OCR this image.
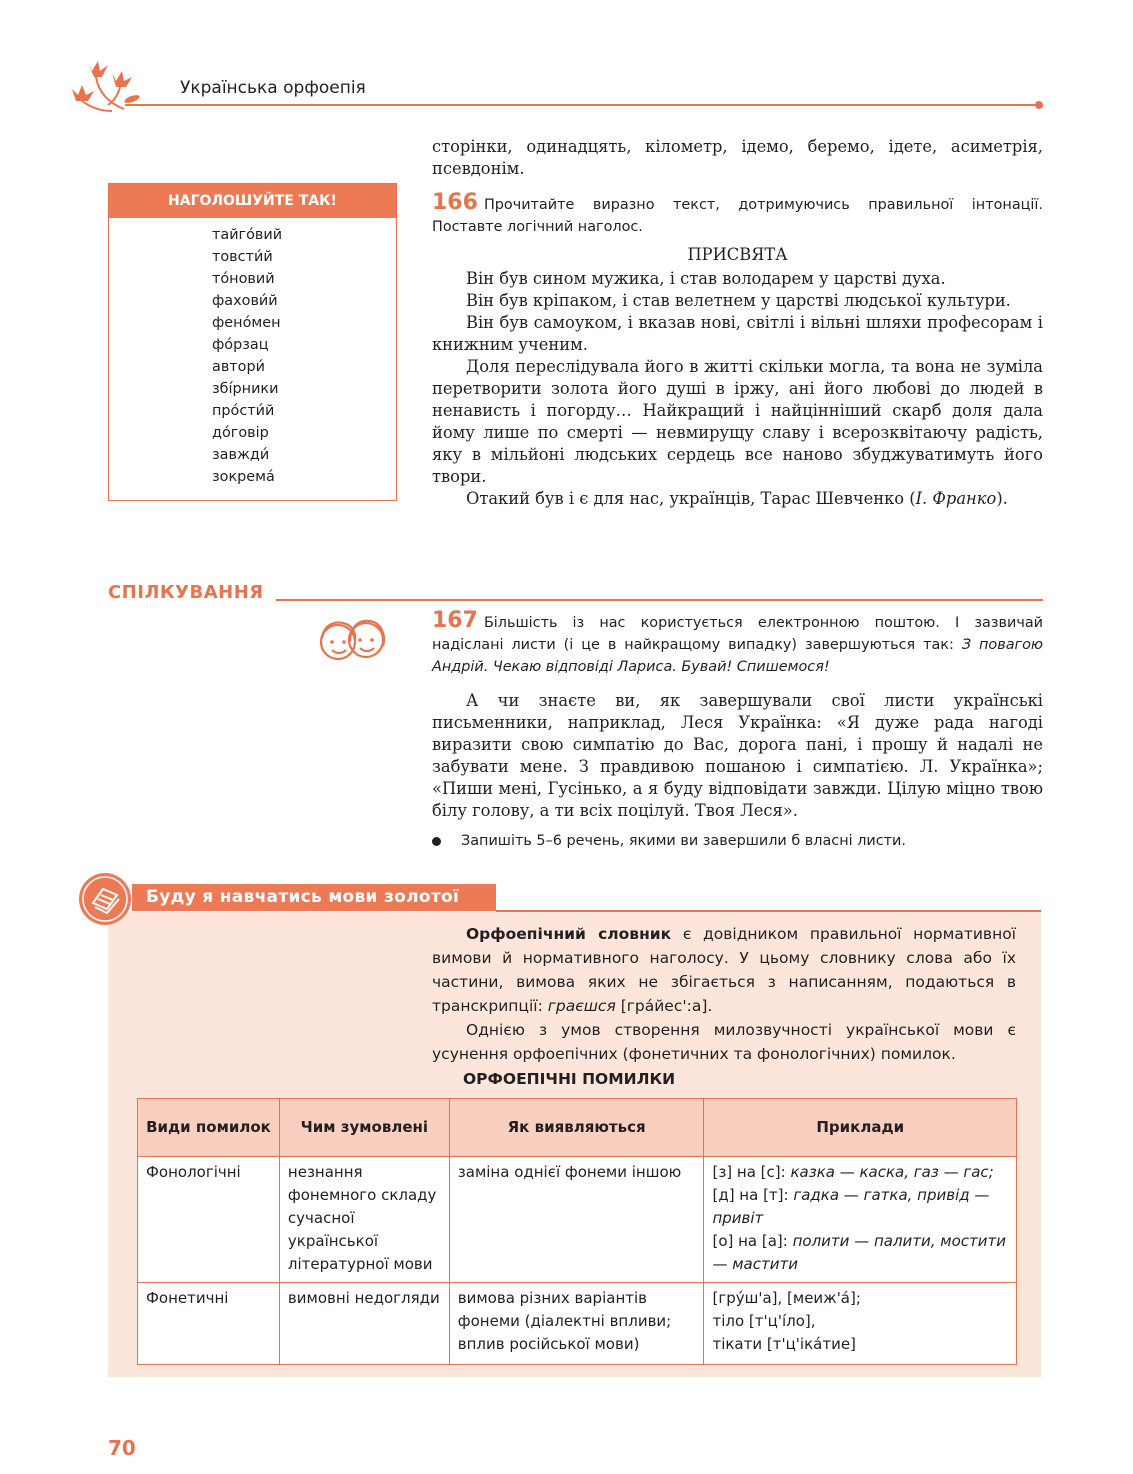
Українська орфоепія
сторінки, одинадцять, кілометр, ідемо, беремо, ідете, асиметрія, псевдонім.
НАГОЛОШУЙТЕ ТАК!
тайго́вий
товсти́й
то́новий
фахови́й
фено́мен
фо́рзац
автори́
збі́рники
про́сти́й
до́говір
завжди́
зокрема́
166 Прочитайте виразно текст, дотримуючись правильної інтонації. Поставте логічний наголос.
ПРИСВЯТА

Він був сином мужика, і став володарем у царстві духа.

Він був кріпаком, і став велетнем у царстві людської культури.

Він був самоуком, і вказав нові, світлі і вільні шляхи професорам і книжним ученим.

Доля переслідувала його в житті скільки могла, та вона не зуміла перетворити золота його душі в іржу, ані його любові до людей в ненависть і погорду… Найкращий і найцінніший скарб доля дала йому лише по смерті — невмирущу славу і всерозквітаючу радість, яку в мільйоні людських сердець все наново збуджуватимуть його твори.

Отакий був і є для нас, українців, Тарас Шевченко (І. Франко).

СПІЛКУВАННЯ
167 Більшість із нас користується електронною поштою. І зазвичай надіслані листи (і це в найкращому випадку) завершуються так: З повагою Андрій. Чекаю відповіді Лариса. Бувай! Спишемося!
А чи знаєте ви, як завершували свої листи українські письменники, наприклад, Леся Українка: «Я дуже рада нагоді виразити свою симпатію до Вас, дорога пані, і прошу й надалі не забувати мене. З правдивою пошаною і симпатією. Л. Українка»; «Пиши мені, Гусінько, а я буду відповідати завжди. Цілую міцно твою білу голову, а ти всіх поцілуй. Твоя Леся».
Запишіть 5–6 речень, якими ви завершили б власні листи.
Буду я навчатись мови золотої
Орфоепічний словник є довідником правильної нормативної вимови й нормативного наголосу. У цьому словнику слова або їх частини, вимова яких не збігається з написанням, подаються в транскрипції: граєшся [гра́йес':а].
Однією з умов створення милозвучності української мови є усунення орфоепічних (фонетичних та фонологічних) помилок.
ОРФОЕПІЧНІ ПОМИЛКИ
Види помилок	Чим зумовлені	Як виявляються	Приклади
Фонологічні	незнання фонемного складу сучасної української літературної мови	заміна однієї фонеми іншою	[з] на [с]: казка — каска, газ — гас;
[д] на [т]: гадка — гатка, привід — привіт
[о] на [а]: полити — палити, мостити — мастити

Фонетичні	вимовні недогляди	вимова різних варіантів фонеми (діалектні впливи; вплив російської мови)	[гру́ш'а], [меиж'а́];
тіло [т'ц'і́ло],
тікати [т'ц'іка́тие]
70
